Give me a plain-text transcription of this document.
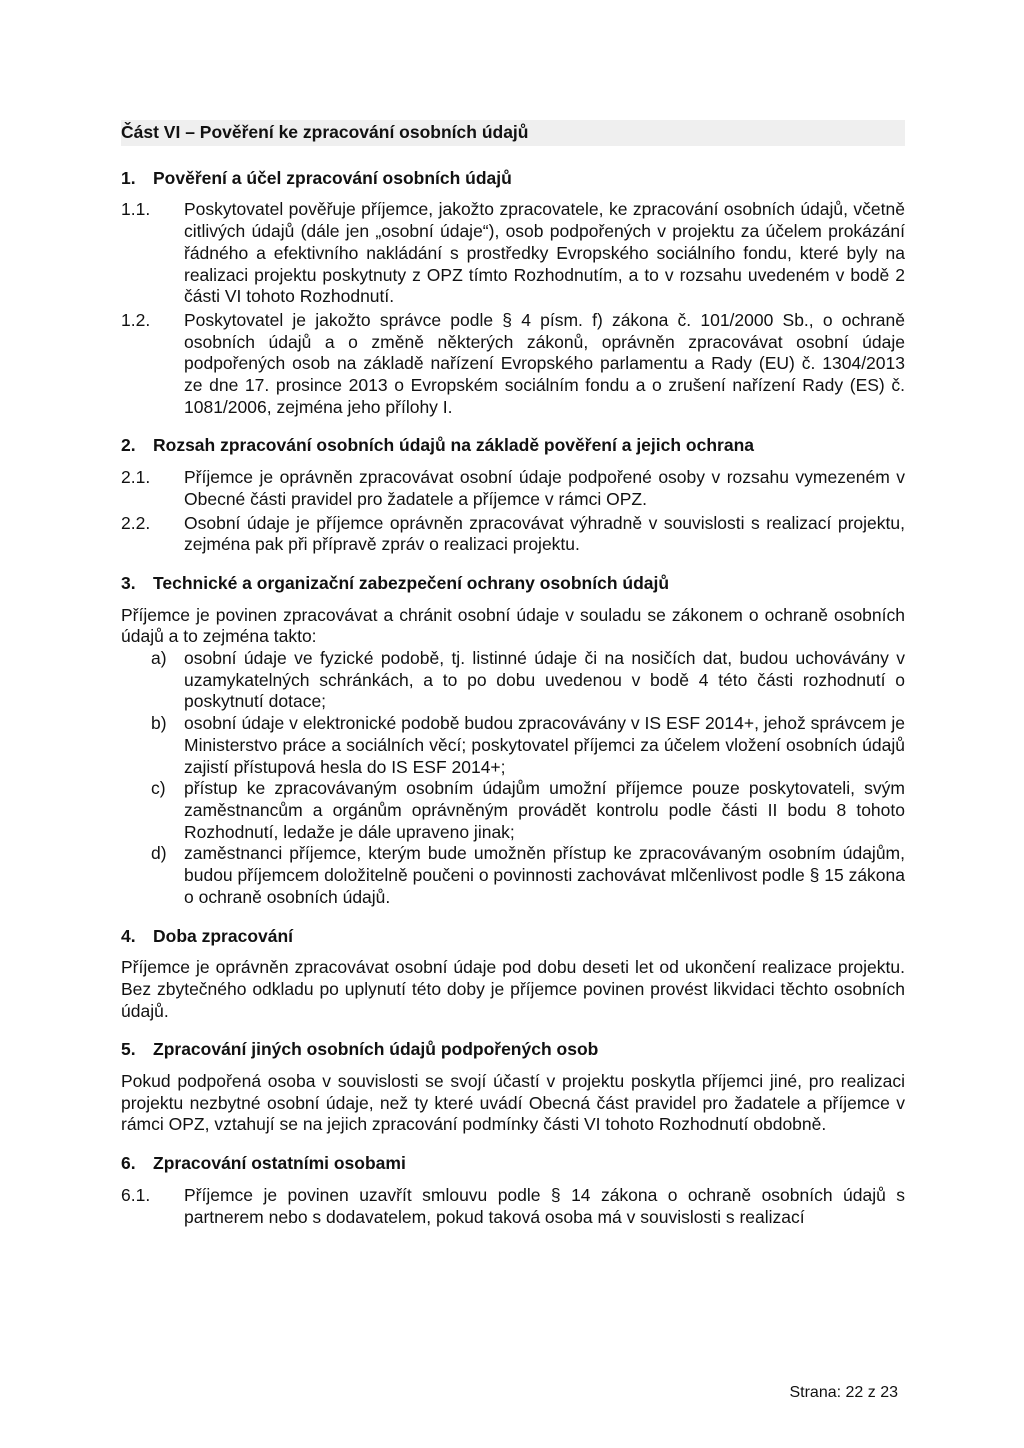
Část VI – Pověření ke zpracování osobních údajů
1. Pověření a účel zpracování osobních údajů
1.1.	Poskytovatel pověřuje příjemce, jakožto zpracovatele, ke zpracování osobních údajů, včetně citlivých údajů (dále jen „osobní údaje“), osob podpořených v projektu za účelem prokázání řádného a efektivního nakládání s prostředky Evropského sociálního fondu, které byly na realizaci projektu poskytnuty z OPZ tímto Rozhodnutím, a to v rozsahu uvedeném v bodě 2 části VI tohoto Rozhodnutí.
1.2.	Poskytovatel je jakožto správce podle § 4 písm. f) zákona č. 101/2000 Sb., o ochraně osobních údajů a o změně některých zákonů, oprávněn zpracovávat osobní údaje podpořených osob na základě nařízení Evropského parlamentu a Rady (EU) č. 1304/2013 ze dne 17. prosince 2013 o Evropském sociálním fondu a o zrušení nařízení Rady (ES) č. 1081/2006, zejména jeho přílohy I.
2. Rozsah zpracování osobních údajů na základě pověření a jejich ochrana
2.1.	Příjemce je oprávněn zpracovávat osobní údaje podpořené osoby v rozsahu vymezeném v Obecné části pravidel pro žadatele a příjemce v rámci OPZ.
2.2.	Osobní údaje je příjemce oprávněn zpracovávat výhradně v souvislosti s realizací projektu, zejména pak při přípravě zpráv o realizaci projektu.
3. Technické a organizační zabezpečení ochrany osobních údajů

Příjemce je povinen zpracovávat a chránit osobní údaje v souladu se zákonem o ochraně osobních údajů a to zejména takto:

a) osobní údaje ve fyzické podobě, tj. listinné údaje či na nosičích dat, budou uchovávány v uzamykatelných schránkách, a to po dobu uvedenou v bodě 4 této části rozhodnutí o poskytnutí dotace;
b) osobní údaje v elektronické podobě budou zpracovávány v IS ESF 2014+, jehož správcem je Ministerstvo práce a sociálních věcí; poskytovatel příjemci za účelem vložení osobních údajů zajistí přístupová hesla do IS ESF 2014+;
c)	přístup ke zpracovávaným osobním údajům umožní příjemce pouze poskytovateli, svým zaměstnancům a orgánům oprávněným provádět kontrolu podle části II bodu 8 tohoto Rozhodnutí, ledaže je dále upraveno jinak;
d) zaměstnanci příjemce, kterým bude umožněn přístup ke zpracovávaným osobním údajům, budou příjemcem doložitelně poučeni o povinnosti zachovávat mlčenlivost podle § 15 zákona o ochraně osobních údajů.
4. Doba zpracování

Příjemce je oprávněn zpracovávat osobní údaje pod dobu deseti let od ukončení realizace projektu. Bez zbytečného odkladu po uplynutí této doby je příjemce povinen provést likvidaci těchto osobních údajů.

5. Zpracování jiných osobních údajů podpořených osob

Pokud podpořená osoba v souvislosti se svojí účastí v projektu poskytla příjemci jiné, pro realizaci projektu nezbytné osobní údaje, než ty které uvádí Obecná část pravidel pro žadatele a příjemce v rámci OPZ, vztahují se na jejich zpracování podmínky části VI tohoto Rozhodnutí obdobně.

6. Zpracování ostatními osobami
6.1.	Příjemce je povinen uzavřít smlouvu podle § 14 zákona o ochraně osobních údajů s partnerem nebo s dodavatelem, pokud taková osoba má v souvislosti s realizací
Strana: 22 z 23
